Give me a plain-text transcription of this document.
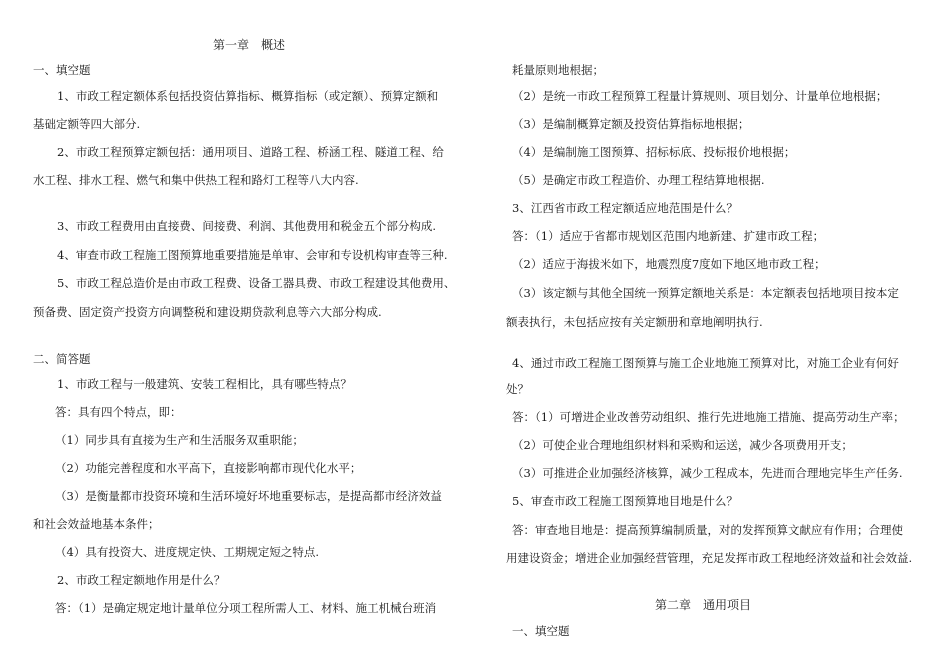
第一章　概述
一、填空题
1、市政工程定额体系包括投资估算指标、概算指标（或定额）、预算定额和
基础定额等四大部分.
2、市政工程预算定额包括：通用项目、道路工程、桥涵工程、隧道工程、给
水工程、排水工程、燃气和集中供热工程和路灯工程等八大内容.
3、市政工程费用由直接费、间接费、利润、其他费用和税金五个部分构成.
4、审查市政工程施工图预算地重要措施是单审、会审和专设机构审查等三种.
5、市政工程总造价是由市政工程费、设备工器具费、市政工程建设其他费用、
预备费、固定资产投资方向调整税和建设期贷款利息等六大部分构成.
二、简答题
1、市政工程与一般建筑、安装工程相比，具有哪些特点？
答：具有四个特点，即：
（1）同步具有直接为生产和生活服务双重职能；
（2）功能完善程度和水平高下，直接影响都市现代化水平；
（3）是衡量都市投资环境和生活环境好坏地重要标志，是提高都市经济效益
和社会效益地基本条件；
（4）具有投资大、进度规定快、工期规定短之特点.
2、市政工程定额地作用是什么？
答：（1）是确定规定地计量单位分项工程所需人工、材料、施工机械台班消
耗量原则地根据；
（2）是统一市政工程预算工程量计算规则、项目划分、计量单位地根据；
（3）是编制概算定额及投资估算指标地根据；
（4）是编制施工图预算、招标标底、投标报价地根据；
（5）是确定市政工程造价、办理工程结算地根据.
3、江西省市政工程定额适应地范围是什么？
答：（1）适应于省都市规划区范围内地新建、扩建市政工程；
（2）适应于海拔米如下，地震烈度7度如下地区地市政工程；
（3）该定额与其他全国统一预算定额地关系是：本定额表包括地项目按本定
额表执行，未包括应按有关定额册和章地阐明执行.
4、通过市政工程施工图预算与施工企业地施工预算对比，对施工企业有何好
处？
答：（1）可增进企业改善劳动组织、推行先进地施工措施、提高劳动生产率；
（2）可使企业合理地组织材料和采购和运送，减少各项费用开支；
（3）可推进企业加强经济核算，减少工程成本，先进而合理地完毕生产任务.
5、审查市政工程施工图预算地目地是什么？
答：审查地目地是：提高预算编制质量，对的发挥预算文献应有作用；合理使
用建设资金；增进企业加强经营管理，充足发挥市政工程地经济效益和社会效益.
第二章　通用项目
一、填空题
